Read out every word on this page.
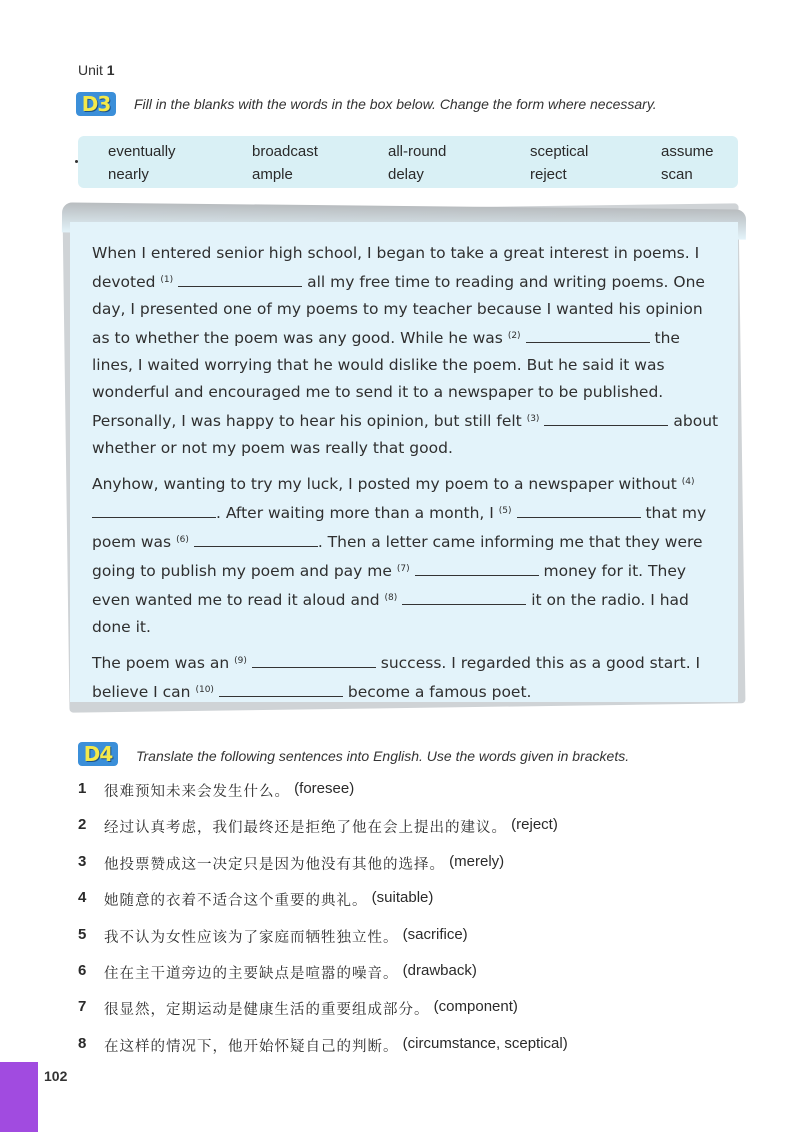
Unit 1
D3	Fill in the blanks with the words in the box below. Change the form where necessary.
eventually	broadcast	all-round	sceptical	assume
nearly	ample	delay	reject	scan

When I entered senior high school, I began to take a great interest in poems. I devoted $^{(1)}$	all my free time to reading and writing poems. One day, I presented one of my poems to my teacher because I wanted his opinion as to whether the poem was any good. While he was $^{(2)}$	the lines, I waited worrying that he would dislike the poem. But he said it was wonderful and encouraged me to send it to a newspaper to be published. Personally, I was happy to hear his opinion, but still felt $^{(3)}$	about whether or not my poem was really that good.

Anyhow, wanting to try my luck, I posted my poem to a newspaper without $^{(4)}$. After waiting more than a month, I $^{(5)}$	that my poem was $^{(6)}$	. Then a letter came informing me that they were going to publish my poem and pay me $^{(7)}$	money for it. They even wanted me to read it aloud and $^{(8)}$	it on the radio. I had done it.

The poem was an $^{(9)}$	success. I regarded this as a good start. I believe I can $^{(10)}$	become a famous poet.

D4	Translate the following sentences into English. Use the words given in brackets.
1	很难预知未来会发生什么。
(foresee)
2	经过认真考虑，我们最终还是拒绝了他在会上提出的建议。
(reject)
3	他投票赞成这一决定只是因为他没有其他的选择。
(merely)
4	她随意的衣着不适合这个重要的典礼。
(suitable)
5	我不认为女性应该为了家庭而牺牲独立性。
(sacrifice)
6	住在主干道旁边的主要缺点是喧嚣的噪音。
(drawback)
7	很显然，定期运动是健康生活的重要组成部分。
(component)
8	在这样的情况下，他开始怀疑自己的判断。
(circumstance, sceptical)
102
